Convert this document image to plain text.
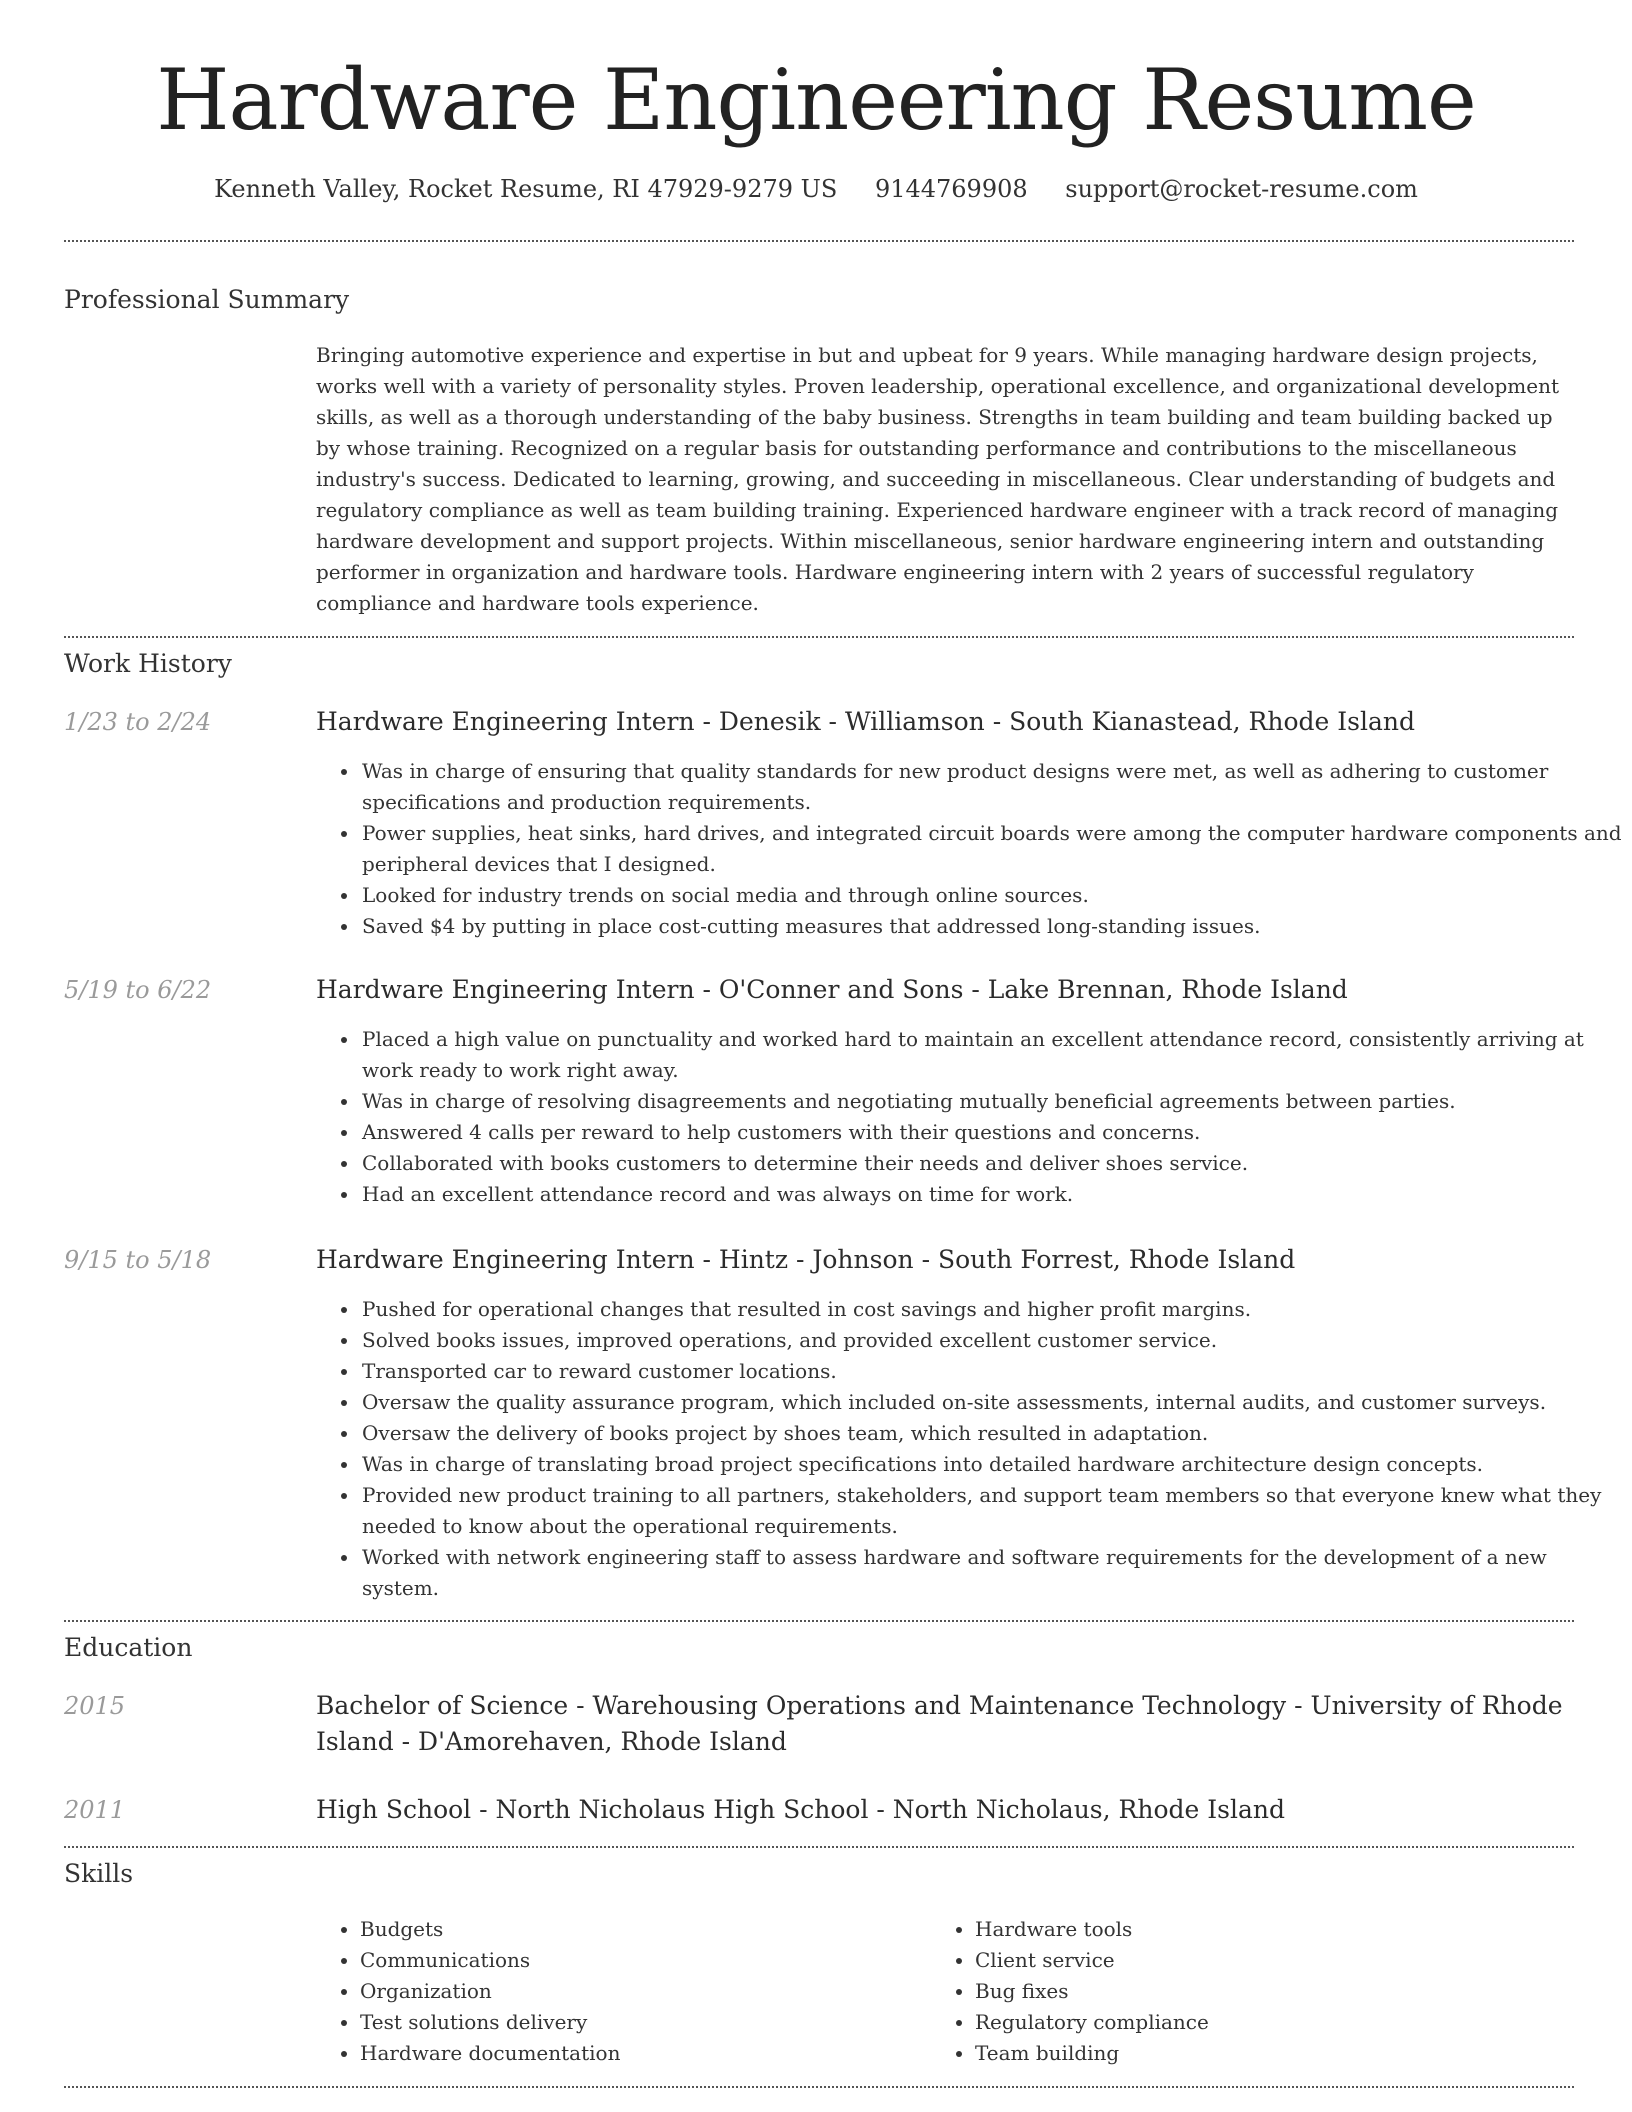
Hardware Engineering Resume
Kenneth Valley, Rocket Resume, RI 47929-9279 US 9144769908 support@rocket-resume.com
Professional Summary

Bringing automotive experience and expertise in but and upbeat for 9 years. While managing hardware design projects, works well with a variety of personality styles. Proven leadership, operational excellence, and organizational development skills, as well as a thorough understanding of the baby business. Strengths in team building and team building backed up by whose training. Recognized on a regular basis for outstanding performance and contributions to the miscellaneous industry's success. Dedicated to learning, growing, and succeeding in miscellaneous. Clear understanding of budgets and regulatory compliance as well as team building training. Experienced hardware engineer with a track record of managing hardware development and support projects. Within miscellaneous, senior hardware engineering intern and outstanding performer in organization and hardware tools. Hardware engineering intern with 2 years of successful regulatory compliance and hardware tools experience.

Work History
1/23 to 2/24	Hardware Engineering Intern - Denesik - Williamson - South Kianastead, Rhode Island
• Was in charge of ensuring that quality standards for new product designs were met, as well as adhering to customer specifications and production requirements.
• Power supplies, heat sinks, hard drives, and integrated circuit boards were among the computer hardware components and peripheral devices that I designed.
• Looked for industry trends on social media and through online sources.
• Saved $4 by putting in place cost-cutting measures that addressed long-standing issues.
5/19 to 6/22	Hardware Engineering Intern - O'Conner and Sons - Lake Brennan, Rhode Island
• Placed a high value on punctuality and worked hard to maintain an excellent attendance record, consistently arriving at work ready to work right away.
• Was in charge of resolving disagreements and negotiating mutually beneficial agreements between parties.
• Answered 4 calls per reward to help customers with their questions and concerns.
• Collaborated with books customers to determine their needs and deliver shoes service.
• Had an excellent attendance record and was always on time for work.
9/15 to 5/18	Hardware Engineering Intern - Hintz - Johnson - South Forrest, Rhode Island
• Pushed for operational changes that resulted in cost savings and higher profit margins.
• Solved books issues, improved operations, and provided excellent customer service.
• Transported car to reward customer locations.
• Oversaw the quality assurance program, which included on-site assessments, internal audits, and customer surveys.
• Oversaw the delivery of books project by shoes team, which resulted in adaptation.
• Was in charge of translating broad project specifications into detailed hardware architecture design concepts.
• Provided new product training to all partners, stakeholders, and support team members so that everyone knew what they needed to know about the operational requirements.
• Worked with network engineering staff to assess hardware and software requirements for the development of a new system.
Education
2015	Bachelor of Science - Warehousing Operations and Maintenance Technology - University of Rhode Island - D'Amorehaven, Rhode Island
2011	High School - North Nicholaus High School - North Nicholaus, Rhode Island
Skills
• Budgets
• Communications
• Organization
• Test solutions delivery
• Hardware documentation
• Hardware tools
• Client service
• Bug fixes
• Regulatory compliance
• Team building
